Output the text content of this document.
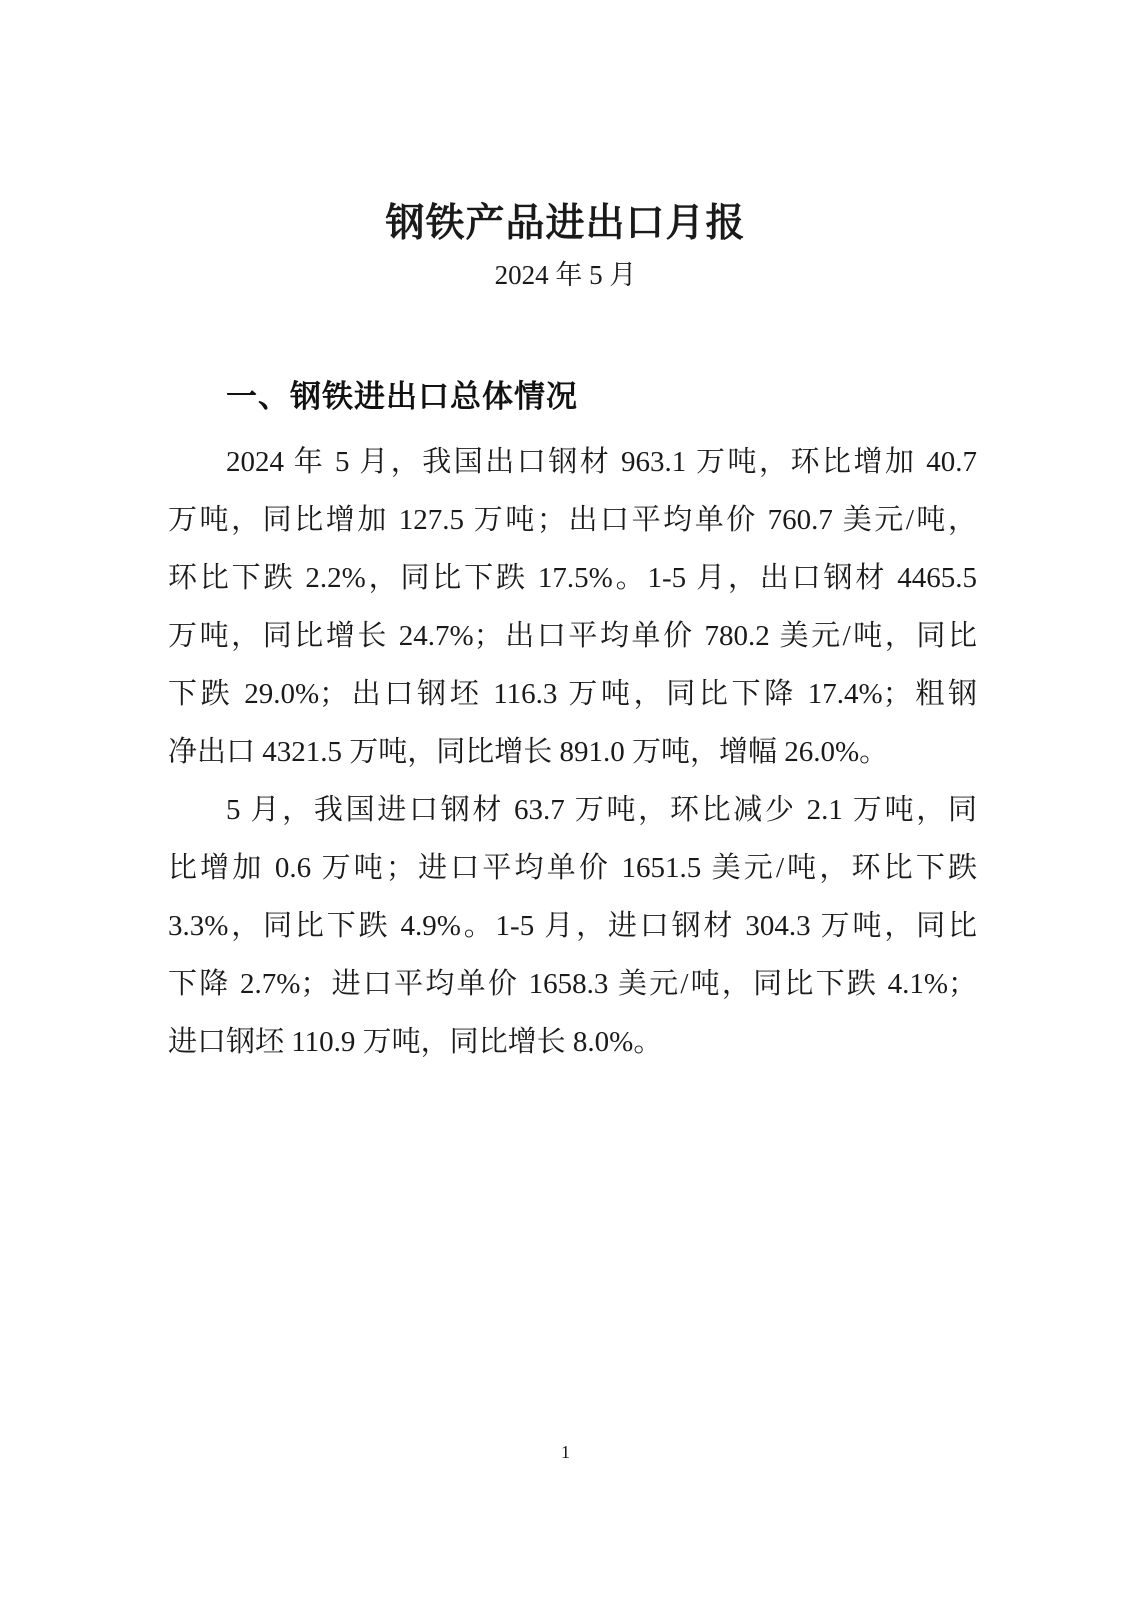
钢铁产品进出口月报
2024 年 5 月
一、钢铁进出口总体情况

2024 年 5 月，我国出口钢材 963.1 万吨，环比增加 40.7

万吨，同比增加 127.5 万吨；出口平均单价 760.7 美元/吨，

环比下跌 2.2%，同比下跌 17.5%。1-5 月，出口钢材 4465.5

万吨，同比增长 24.7%；出口平均单价 780.2 美元/吨，同比

下跌 29.0%；出口钢坯 116.3 万吨，同比下降 17.4%；粗钢

净出口 4321.5 万吨，同比增长 891.0 万吨，增幅 26.0%。

5 月，我国进口钢材 63.7 万吨，环比减少 2.1 万吨，同

比增加 0.6 万吨；进口平均单价 1651.5 美元/吨，环比下跌

3.3%，同比下跌 4.9%。1-5 月，进口钢材 304.3 万吨，同比

下降 2.7%；进口平均单价 1658.3 美元/吨，同比下跌 4.1%；

进口钢坯 110.9 万吨，同比增长 8.0%。

1
